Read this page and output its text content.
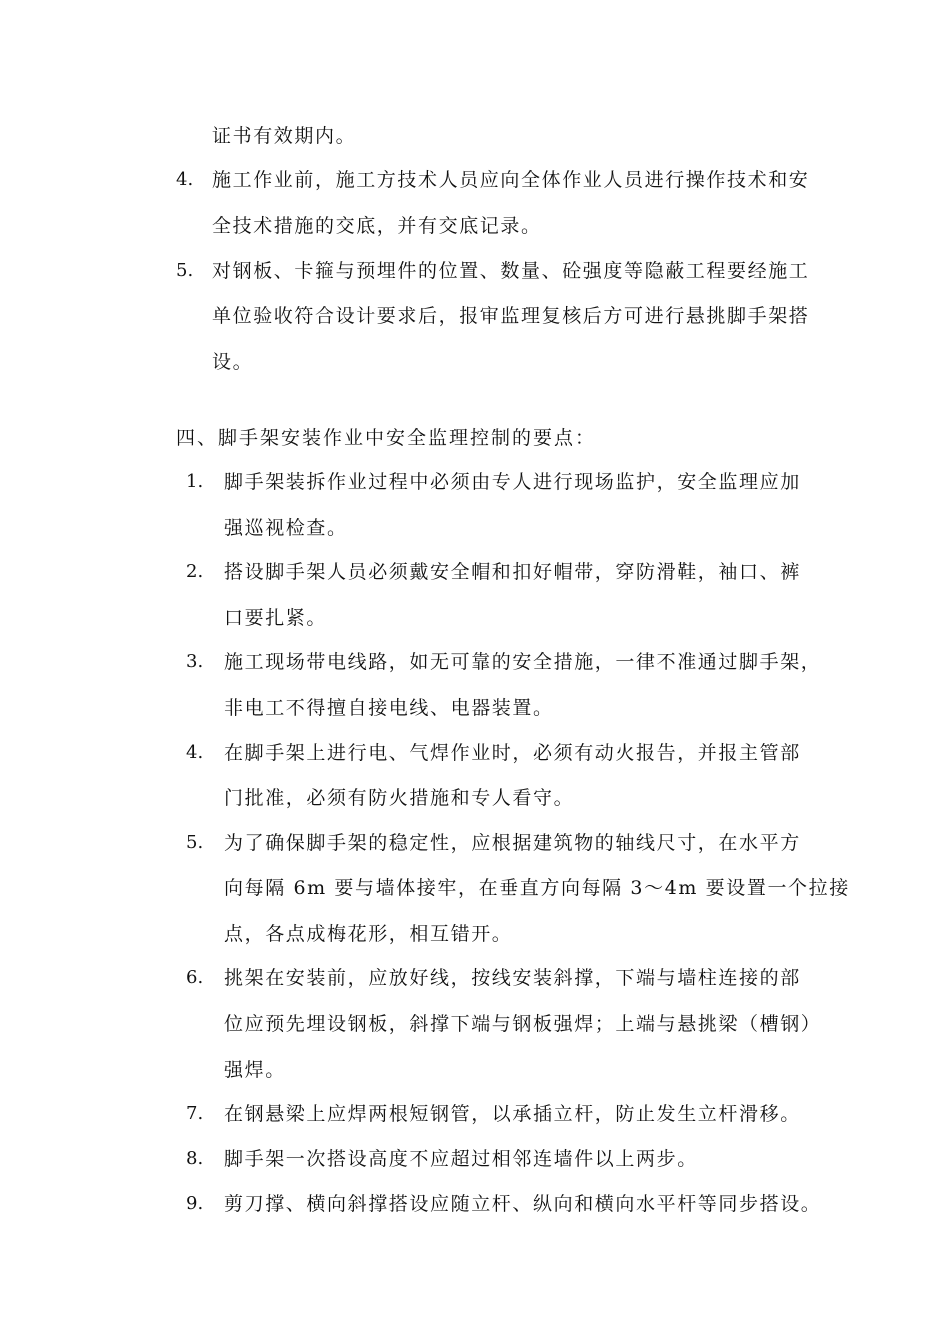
证书有效期内。
4. 施工作业前，施工方技术人员应向全体作业人员进行操作技术和安
全技术措施的交底，并有交底记录。
5. 对钢板、卡箍与预埋件的位置、数量、砼强度等隐蔽工程要经施工
单位验收符合设计要求后，报审监理复核后方可进行悬挑脚手架搭
设。
四、脚手架安装作业中安全监理控制的要点：
1. 脚手架装拆作业过程中必须由专人进行现场监护，安全监理应加
强巡视检查。
2. 搭设脚手架人员必须戴安全帽和扣好帽带，穿防滑鞋，袖口、裤
口要扎紧。
3. 施工现场带电线路，如无可靠的安全措施，一律不准通过脚手架，
非电工不得擅自接电线、电器装置。
4. 在脚手架上进行电、气焊作业时，必须有动火报告，并报主管部
门批准，必须有防火措施和专人看守。
5. 为了确保脚手架的稳定性，应根据建筑物的轴线尺寸，在水平方
向每隔 6m 要与墙体接牢，在垂直方向每隔 3～4m 要设置一个拉接
点，各点成梅花形，相互错开。
6. 挑架在安装前，应放好线，按线安装斜撑，下端与墙柱连接的部
位应预先埋设钢板，斜撑下端与钢板强焊；上端与悬挑梁（槽钢）
强焊。
7. 在钢悬梁上应焊两根短钢管，以承插立杆，防止发生立杆滑移。
8. 脚手架一次搭设高度不应超过相邻连墙件以上两步。
9. 剪刀撑、横向斜撑搭设应随立杆、纵向和横向水平杆等同步搭设。
